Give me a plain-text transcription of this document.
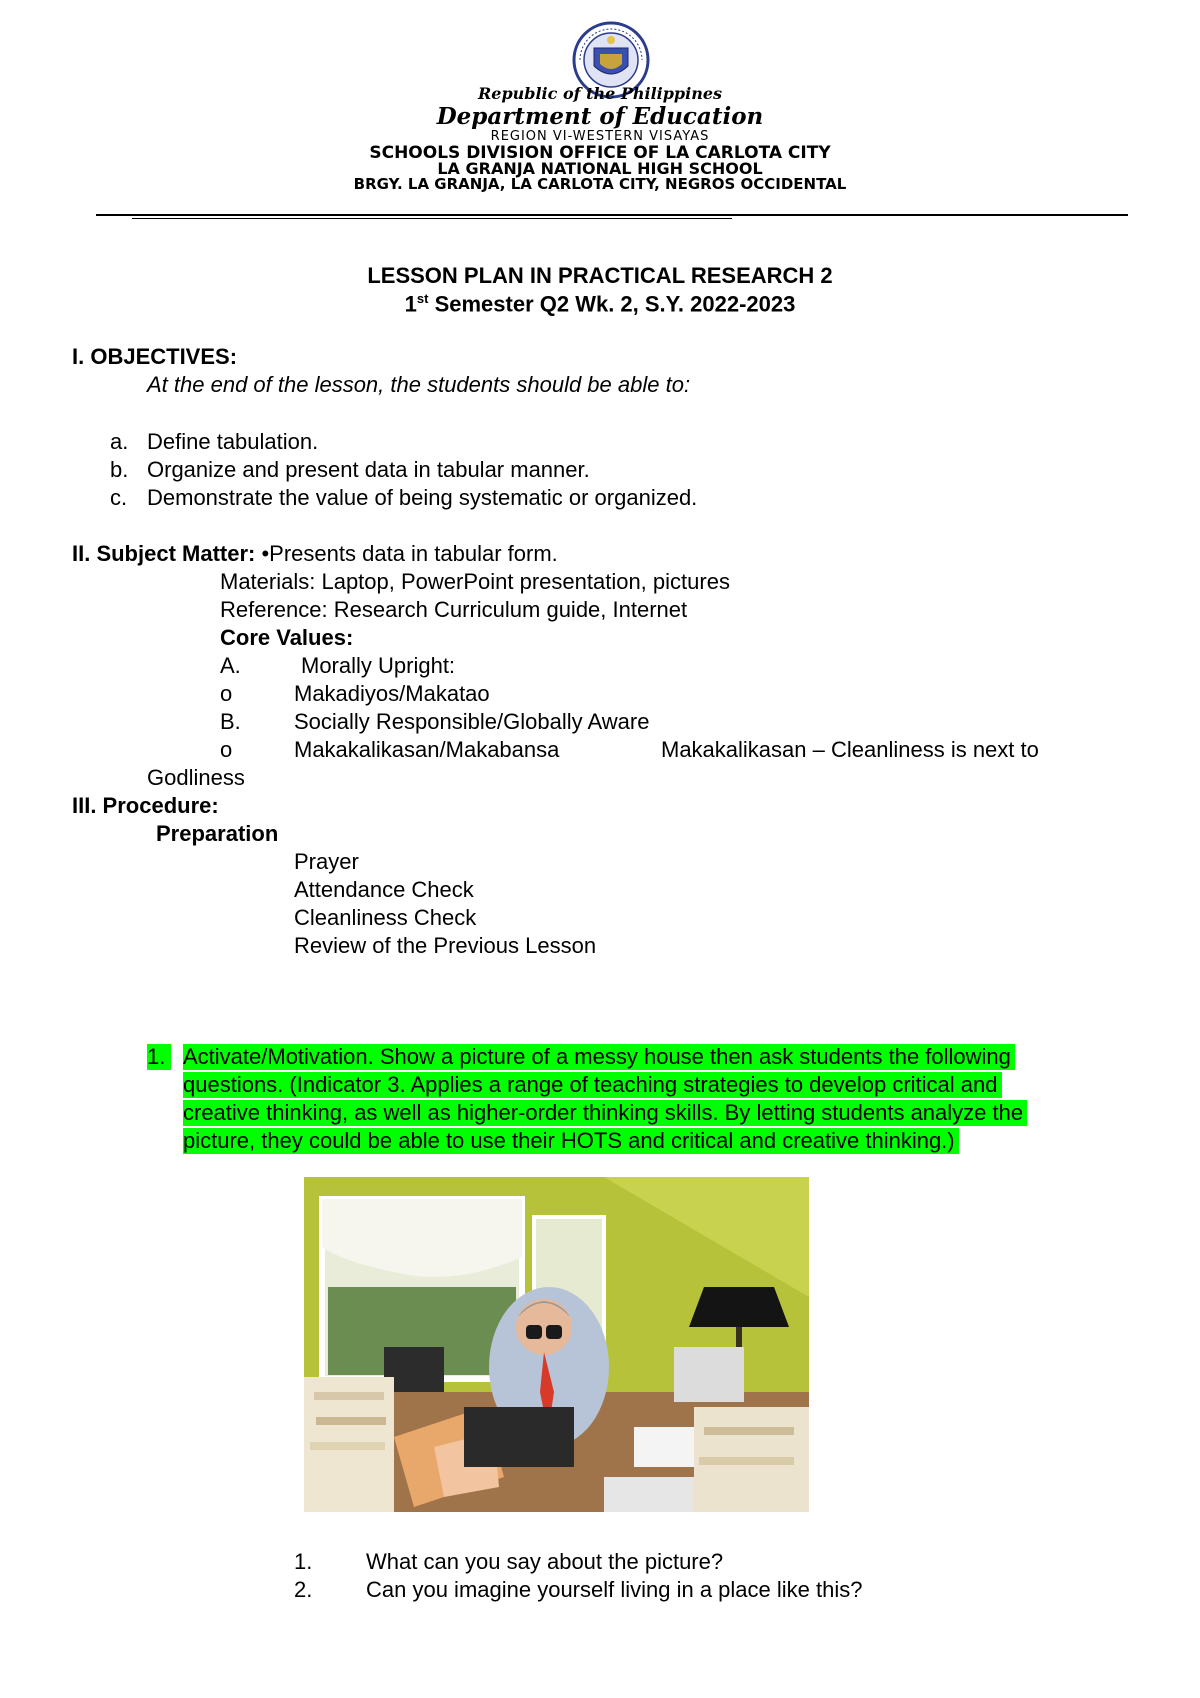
Republic of the Philippines
Department of Education
REGION VI-WESTERN VISAYAS
SCHOOLS DIVISION OFFICE OF LA CARLOTA CITY
LA GRANJA NATIONAL HIGH SCHOOL
BRGY. LA GRANJA, LA CARLOTA CITY, NEGROS OCCIDENTAL
LESSON PLAN IN PRACTICAL RESEARCH 2
1st Semester Q2 Wk. 2, S.Y. 2022-2023
I. OBJECTIVES:
At the end of the lesson, the students should be able to:
a. Define tabulation.
b. Organize and present data in tabular manner.
c. Demonstrate the value of being systematic or organized.
II. Subject Matter: •Presents data in tabular form.
Materials: Laptop, PowerPoint presentation, pictures
Reference: Research Curriculum guide, Internet
Core Values:
A.	Morally Upright:
o	Makadiyos/Makatao
B. Socially Responsible/Globally Aware
o	Makakalikasan/Makabansa	Makakalikasan – Cleanliness is next to
Godliness
III. Procedure:
Preparation
Prayer
Attendance Check
Cleanliness Check
Review of the Previous Lesson
1. Activate/Motivation. Show a picture of a messy house then ask students the following
questions. (Indicator 3. Applies a range of teaching strategies to develop critical and
creative thinking, as well as higher-order thinking skills. By letting students analyze the
picture, they could be able to use their HOTS and critical and creative thinking.)
1. What can you say about the picture?
2. Can you imagine yourself living in a place like this?
